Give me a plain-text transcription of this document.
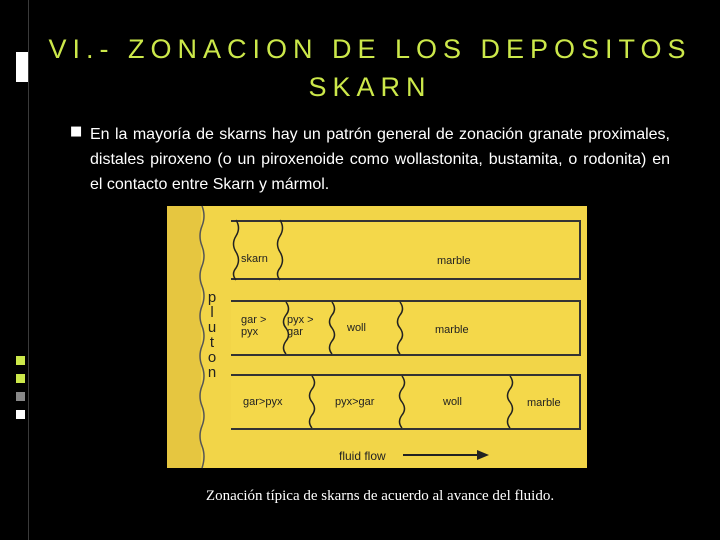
VI.- ZONACION DE LOS DEPOSITOS
SKARN
■ En la mayoría de skarns hay un patrón general de zonación granate proximales, distales piroxeno (o un piroxenoide como wollastonita, bustamita, o rodonita) en el contacto entre Skarn y mármol.
p
l
u
t
o
n
skarn	marble
gar >
pyx
pyx >
gar	woll	marble
gar>pyx	pyx>gar	woll	marble
fluid flow
Zonación típica de skarns de acuerdo al avance del fluido.
